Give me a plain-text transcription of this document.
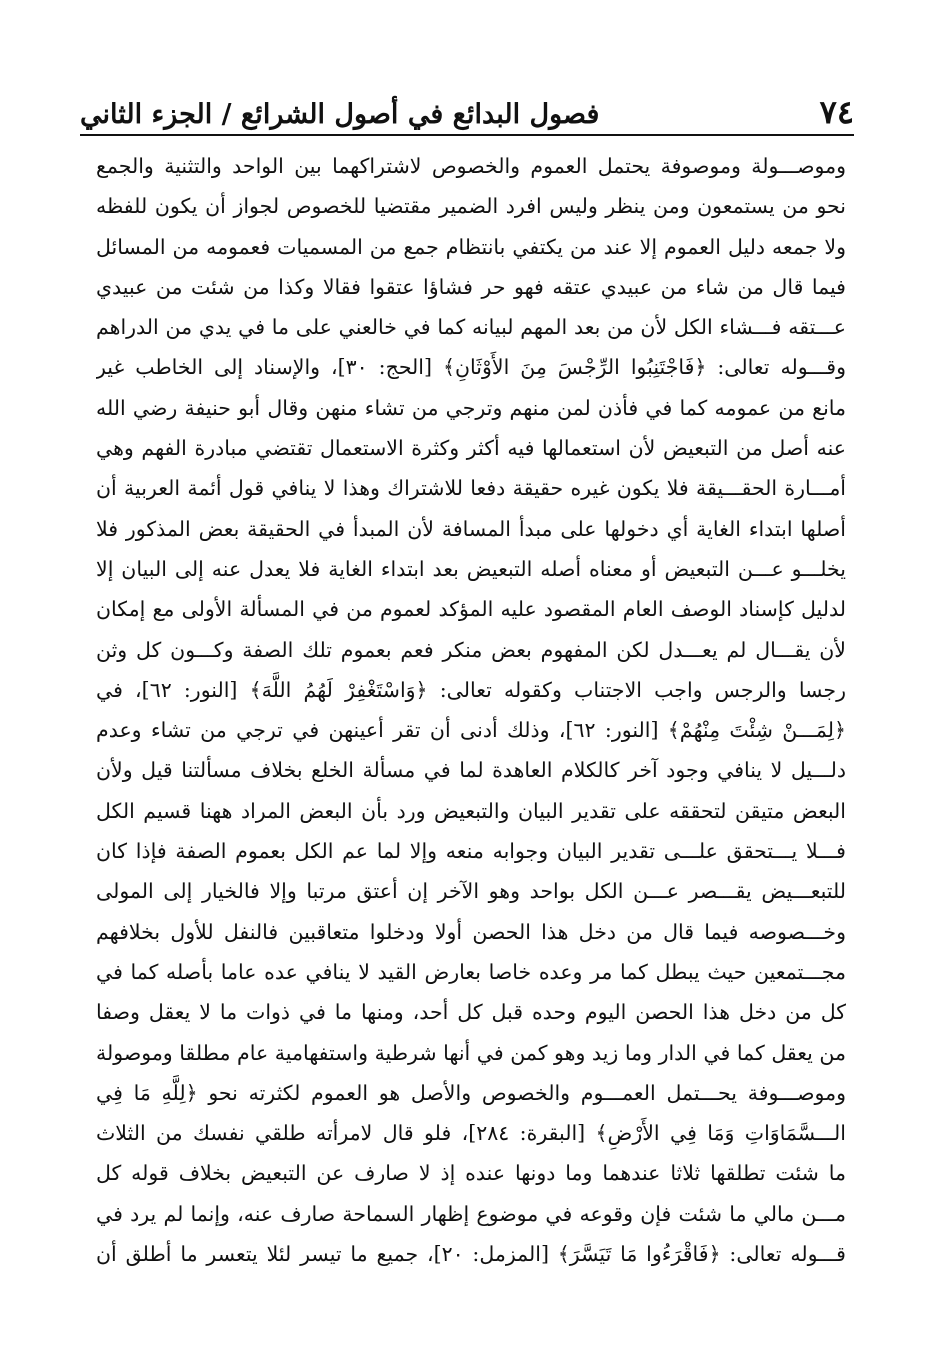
٧٤
فصول البدائع في أصول الشرائع / الجزء الثاني
وموصـــولة وموصوفة يحتمل العموم والخصوص لاشتراكهما بين الواحد والتثنية والجمع
نحو من يستمعون ومن ينظر وليس افرد الضمير مقتضيا للخصوص لجواز أن يكون للفظه
ولا جمعه دليل العموم إلا عند من يكتفي بانتظام جمع من المسميات فعمومه من المسائل
فيما قال من شاء من عبيدي عتقه فهو حر فشاؤا عتقوا فقالا وكذا من شئت من عبيدي
عـــتقه فـــشاء الكل لأن من بعد المهم لبيانه كما في خالعني على ما في يدي من الدراهم
وقـــوله تعالى: ﴿فَاجْتَنِبُوا الرِّجْسَ مِنَ الأَوْثَانِ﴾ [الحج: ٣٠]، والإسناد إلى الخاطب غير
مانع من عمومه كما في فأذن لمن منهم وترجي من تشاء منهن وقال أبو حنيفة رضي الله
عنه أصل من التبعيض لأن استعمالها فيه أكثر وكثرة الاستعمال تقتضي مبادرة الفهم وهي
أمـــارة الحقـــيقة فلا يكون غيره حقيقة دفعا للاشتراك وهذا لا ينافي قول أئمة العربية أن
أصلها ابتداء الغاية أي دخولها على مبدأ المسافة لأن المبدأ في الحقيقة بعض المذكور فلا
يخلـــو عـــن التبعيض أو معناه أصله التبعيض بعد ابتداء الغاية فلا يعدل عنه إلى البيان إلا
لدليل كإسناد الوصف العام المقصود عليه المؤكد لعموم من في المسألة الأولى مع إمكان
لأن يقـــال لم يعـــدل لكن المفهوم بعض منكر فعم بعموم تلك الصفة وكـــون كل وثن
رجسا والرجس واجب الاجتناب وكقوله تعالى: ﴿وَاسْتَغْفِرْ لَهُمُ اللَّهَ﴾ [النور: ٦٢]، في
﴿لِمَـــنْ شِئْتَ مِنْهُمْ﴾ [النور: ٦٢]، وذلك أدنى أن تقر أعينهن في ترجي من تشاء وعدم
دلـــيل لا ينافي وجود آخر كالكلام العاهدة لما في مسألة الخلع بخلاف مسألتنا قيل ولأن
البعض متيقن لتحققه على تقدير البيان والتبعيض ورد بأن البعض المراد ههنا قسيم الكل
فـــلا يـــتحقق علـــى تقدير البيان وجوابه منعه وإلا لما عم الكل بعموم الصفة فإذا كان
للتبعـــيض يقـــصر عـــن الكل بواحد وهو الآخر إن أعتق مرتبا وإلا فالخيار إلى المولى
وخـــصوصه فيما قال من دخل هذا الحصن أولا ودخلوا متعاقبين فالنفل للأول بخلافهم
مجـــتمعين حيث يبطل كما مر وعده خاصا بعارض القيد لا ينافي عده عاما بأصله كما في
كل من دخل هذا الحصن اليوم وحده قبل كل أحد، ومنها ما في ذوات ما لا يعقل وصفا
من يعقل كما في الدار وما زيد وهو كمن في أنها شرطية واستفهامية عام مطلقا وموصولة
وموصـــوفة يحـــتمل العمـــوم والخصوص والأصل هو العموم لكثرته نحو ﴿لِلَّهِ مَا فِي
الـــسَّمَاوَاتِ وَمَا فِي الأَرْضِ﴾ [البقرة: ٢٨٤]، فلو قال لامرأته طلقي نفسك من الثلاث
ما شئت تطلقها ثلاثا عندهما وما دونها عنده إذ لا صارف عن التبعيض بخلاف قوله كل
مـــن مالي ما شئت فإن وقوعه في موضوع إظهار السماحة صارف عنه، وإنما لم يرد في
قـــوله تعالى: ﴿فَاقْرَءُوا مَا تَيَسَّرَ﴾ [المزمل: ٢٠]، جميع ما تيسر لئلا يتعسر ما أطلق أن
